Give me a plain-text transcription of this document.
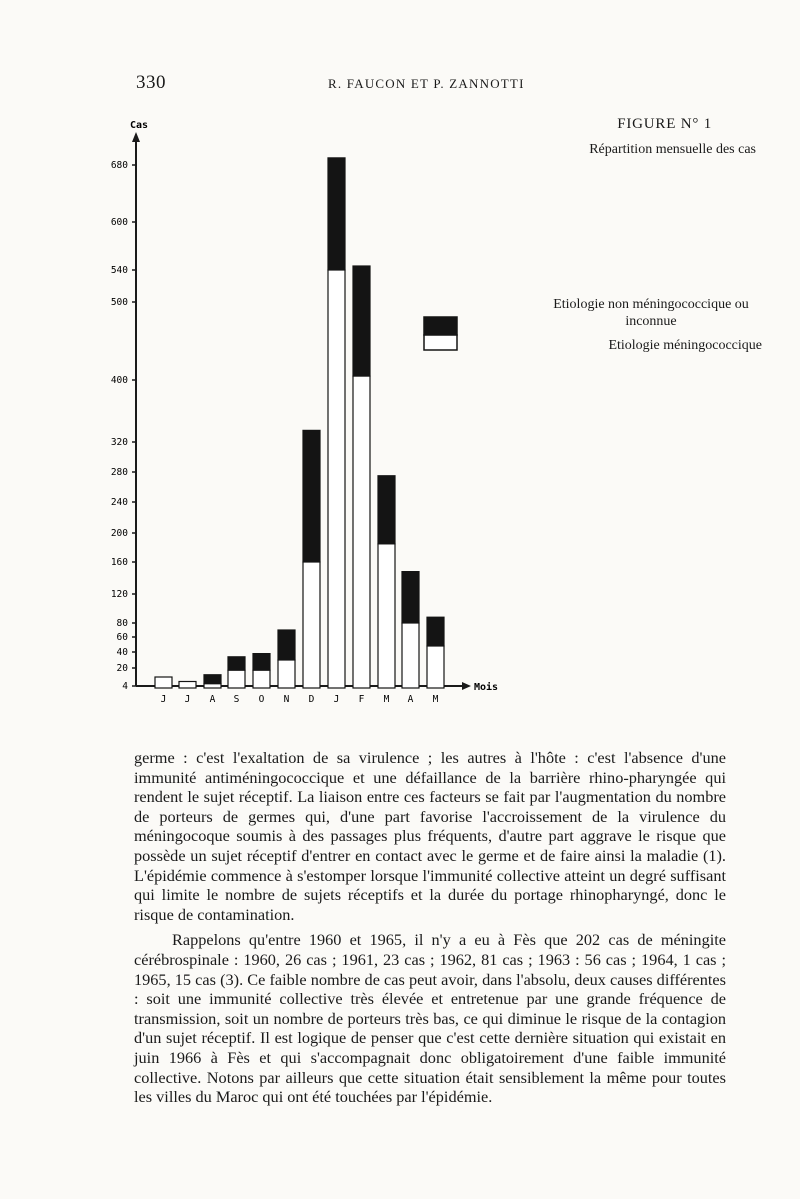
330	R. FAUCON ET P. ZANNOTTI
FIGURE N° 1
Répartition mensuelle des cas
Etiologie non méningococcique ou inconnue
Etiologie méningococcique
Cas
Mois
4
20
40
60
80
120
160
200
240
280
320
400
500
540
600
680
J J A S O N D J F M A M

germe : c'est l'exaltation de sa virulence ; les autres à l'hôte : c'est l'absence d'une immunité antiméningococcique et une défaillance de la barrière rhino-pharyngée qui rendent le sujet réceptif. La liaison entre ces facteurs se fait par l'augmentation du nombre de porteurs de germes qui, d'une part favorise l'accroissement de la virulence du méningocoque soumis à des passages plus fréquents, d'autre part aggrave le risque que possède un sujet réceptif d'entrer en contact avec le germe et de faire ainsi la maladie (1). L'épidémie commence à s'estomper lorsque l'immunité collective atteint un degré suffisant qui limite le nombre de sujets réceptifs et la durée du portage rhinopharyngé, donc le risque de contamination.

Rappelons qu'entre 1960 et 1965, il n'y a eu à Fès que 202 cas de méningite cérébrospinale : 1960, 26 cas ; 1961, 23 cas ; 1962, 81 cas ; 1963 : 56 cas ; 1964, 1 cas ; 1965, 15 cas (3). Ce faible nombre de cas peut avoir, dans l'absolu, deux causes différentes : soit une immunité collective très élevée et entretenue par une grande fréquence de transmission, soit un nombre de porteurs très bas, ce qui diminue le risque de la contagion d'un sujet réceptif. Il est logique de penser que c'est cette dernière situation qui existait en juin 1966 à Fès et qui s'accompagnait donc obligatoirement d'une faible immunité collective. Notons par ailleurs que cette situation était sensiblement la même pour toutes les villes du Maroc qui ont été touchées par l'épidémie.
